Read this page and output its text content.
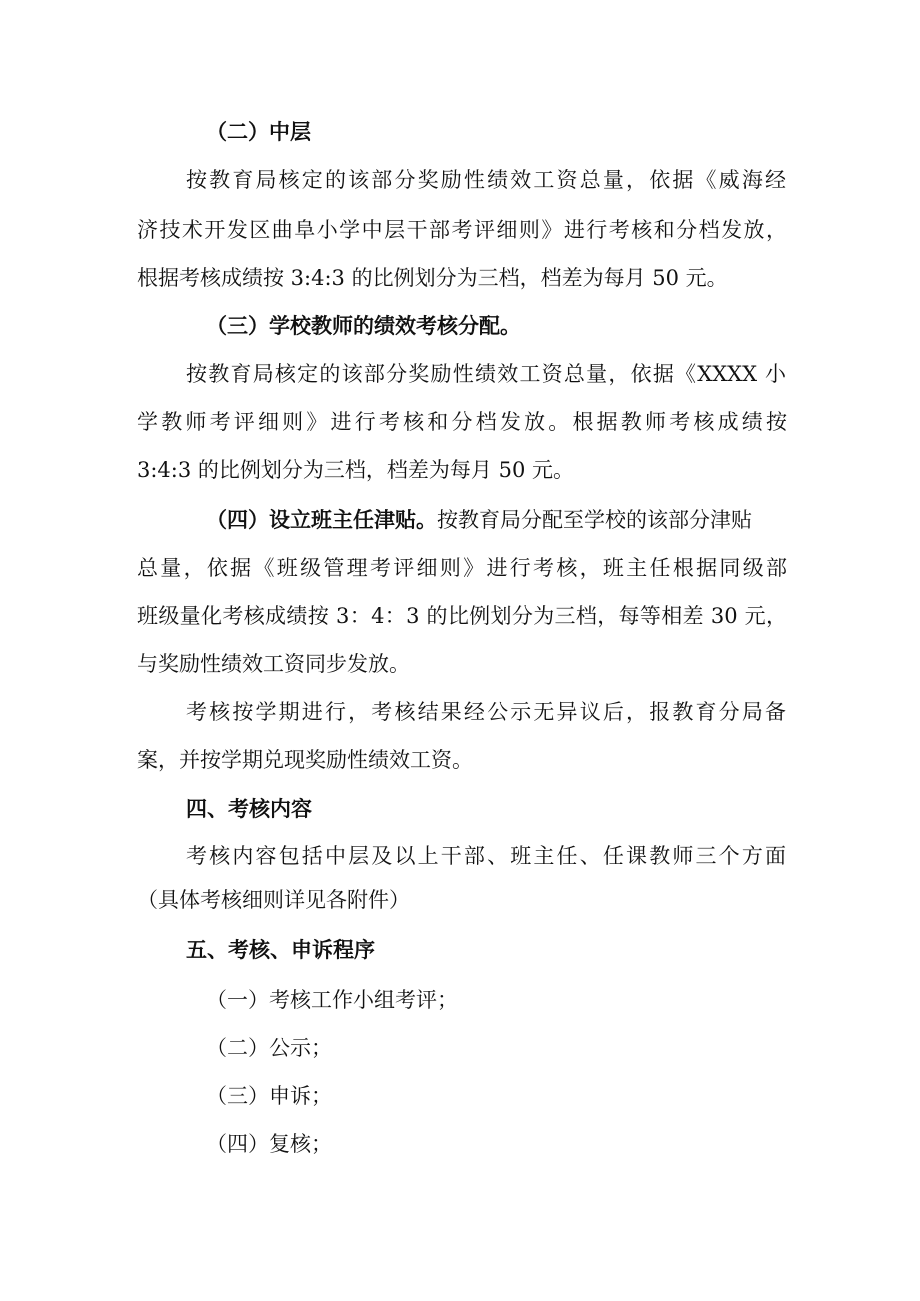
（二）中层
按教育局核定的该部分奖励性绩效工资总量，依据《威海经
济技术开发区曲阜小学中层干部考评细则》进行考核和分档发放，
根据考核成绩按 3:4:3 的比例划分为三档，档差为每月 50 元。
（三）学校教师的绩效考核分配。
按教育局核定的该部分奖励性绩效工资总量，依据《XXXX 小
学教师考评细则》进行考核和分档发放。根据教师考核成绩按
3:4:3 的比例划分为三档，档差为每月 50 元。
（四）设立班主任津贴。按教育局分配至学校的该部分津贴
总量，依据《班级管理考评细则》进行考核，班主任根据同级部
班级量化考核成绩按 3：4：3 的比例划分为三档，每等相差 30 元，
与奖励性绩效工资同步发放。
考核按学期进行，考核结果经公示无异议后，报教育分局备
案，并按学期兑现奖励性绩效工资。
四、考核内容
考核内容包括中层及以上干部、班主任、任课教师三个方面
（具体考核细则详见各附件）
五、考核、申诉程序
（一）考核工作小组考评；
（二）公示；
（三）申诉；
（四）复核；
